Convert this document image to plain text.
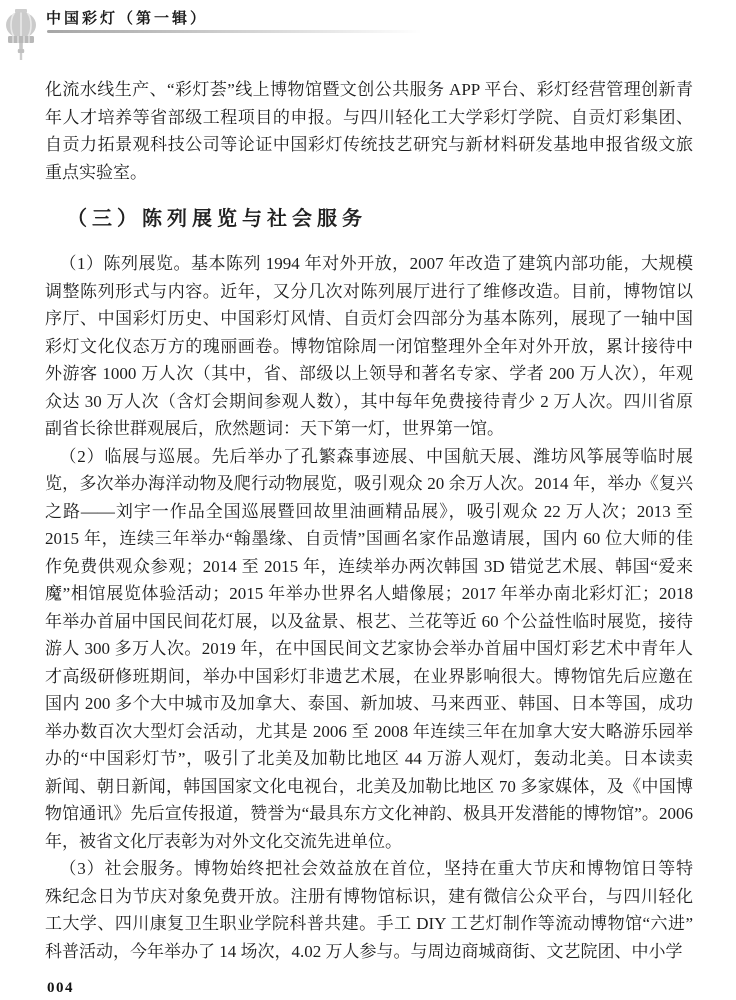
中国彩灯（第一辑）
化流水线生产、“彩灯荟”线上博物馆暨文创公共服务 APP 平台、彩灯经营管理创新青
年人才培养等省部级工程项目的申报。与四川轻化工大学彩灯学院、自贡灯彩集团、
自贡力拓景观科技公司等论证中国彩灯传统技艺研究与新材料研发基地申报省级文旅
重点实验室。
（三）陈列展览与社会服务
（1）陈列展览。基本陈列 1994 年对外开放，2007 年改造了建筑内部功能，大规模
调整陈列形式与内容。近年，又分几次对陈列展厅进行了维修改造。目前，博物馆以
序厅、中国彩灯历史、中国彩灯风情、自贡灯会四部分为基本陈列，展现了一轴中国
彩灯文化仪态万方的瑰丽画卷。博物馆除周一闭馆整理外全年对外开放，累计接待中
外游客 1000 万人次（其中，省、部级以上领导和著名专家、学者 200 万人次），年观
众达 30 万人次（含灯会期间参观人数），其中每年免费接待青少 2 万人次。四川省原
副省长徐世群观展后，欣然题词：天下第一灯，世界第一馆。
（2）临展与巡展。先后举办了孔繁森事迹展、中国航天展、潍坊风筝展等临时展
览，多次举办海洋动物及爬行动物展览，吸引观众 20 余万人次。2014 年，举办《复兴
之路——刘宇一作品全国巡展暨回故里油画精品展》，吸引观众 22 万人次；2013 至
2015 年，连续三年举办“翰墨缘、自贡情”国画名家作品邀请展，国内 60 位大师的佳
作免费供观众参观；2014 至 2015 年，连续举办两次韩国 3D 错觉艺术展、韩国“爱来
魔”相馆展览体验活动；2015 年举办世界名人蜡像展；2017 年举办南北彩灯汇；2018
年举办首届中国民间花灯展，以及盆景、根艺、兰花等近 60 个公益性临时展览，接待
游人 300 多万人次。2019 年，在中国民间文艺家协会举办首届中国灯彩艺术中青年人
才高级研修班期间，举办中国彩灯非遗艺术展，在业界影响很大。博物馆先后应邀在
国内 200 多个大中城市及加拿大、泰国、新加坡、马来西亚、韩国、日本等国，成功
举办数百次大型灯会活动，尤其是 2006 至 2008 年连续三年在加拿大安大略游乐园举
办的“中国彩灯节”，吸引了北美及加勒比地区 44 万游人观灯，轰动北美。日本读卖
新闻、朝日新闻，韩国国家文化电视台，北美及加勒比地区 70 多家媒体，及《中国博
物馆通讯》先后宣传报道，赞誉为“最具东方文化神韵、极具开发潜能的博物馆”。2006
年，被省文化厅表彰为对外文化交流先进单位。
（3）社会服务。博物始终把社会效益放在首位，坚持在重大节庆和博物馆日等特
殊纪念日为节庆对象免费开放。注册有博物馆标识，建有微信公众平台，与四川轻化
工大学、四川康复卫生职业学院科普共建。手工 DIY 工艺灯制作等流动博物馆“六进”
科普活动，今年举办了 14 场次，4.02 万人参与。与周边商城商街、文艺院团、中小学
004
